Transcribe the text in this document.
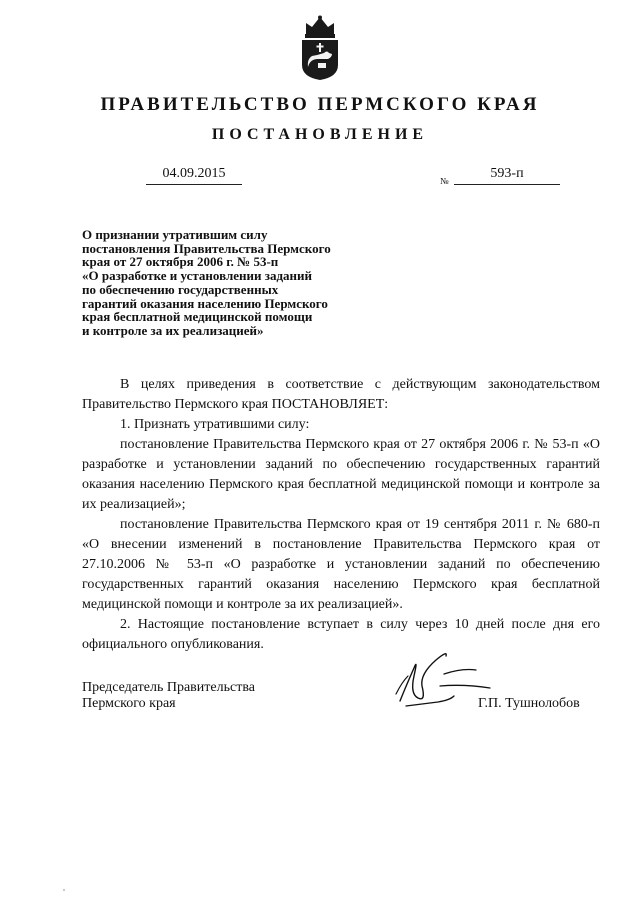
ПРАВИТЕЛЬСТВО ПЕРМСКОГО КРАЯ
ПОСТАНОВЛЕНИЕ
04.09.2015	№	593-п
О признании утратившим силу
постановления Правительства Пермского
края от 27 октября 2006 г. № 53-п
«О разработке и установлении заданий
по обеспечению государственных
гарантий оказания населению Пермского
края бесплатной медицинской помощи
и контроле за их реализацией»

В целях приведения в соответствие с действующим законодательством Правительство Пермского края ПОСТАНОВЛЯЕТ:

1. Признать утратившими силу:

постановление Правительства Пермского края от 27 октября 2006 г. № 53-п «О разработке и установлении заданий по обеспечению государственных гарантий оказания населению Пермского края бесплатной медицинской помощи и контроле за их реализацией»;

постановление Правительства Пермского края от 19 сентября 2011 г. № 680-п «О внесении изменений в постановление Правительства Пермского края от 27.10.2006 № 53-п «О разработке и установлении заданий по обеспечению государственных гарантий оказания населению Пермского края бесплатной медицинской помощи и контроле за их реализацией».

2. Настоящие постановление вступает в силу через 10 дней после дня его официального опубликования.

Председатель Правительства
Пермского края	Г.П. Тушнолобов
